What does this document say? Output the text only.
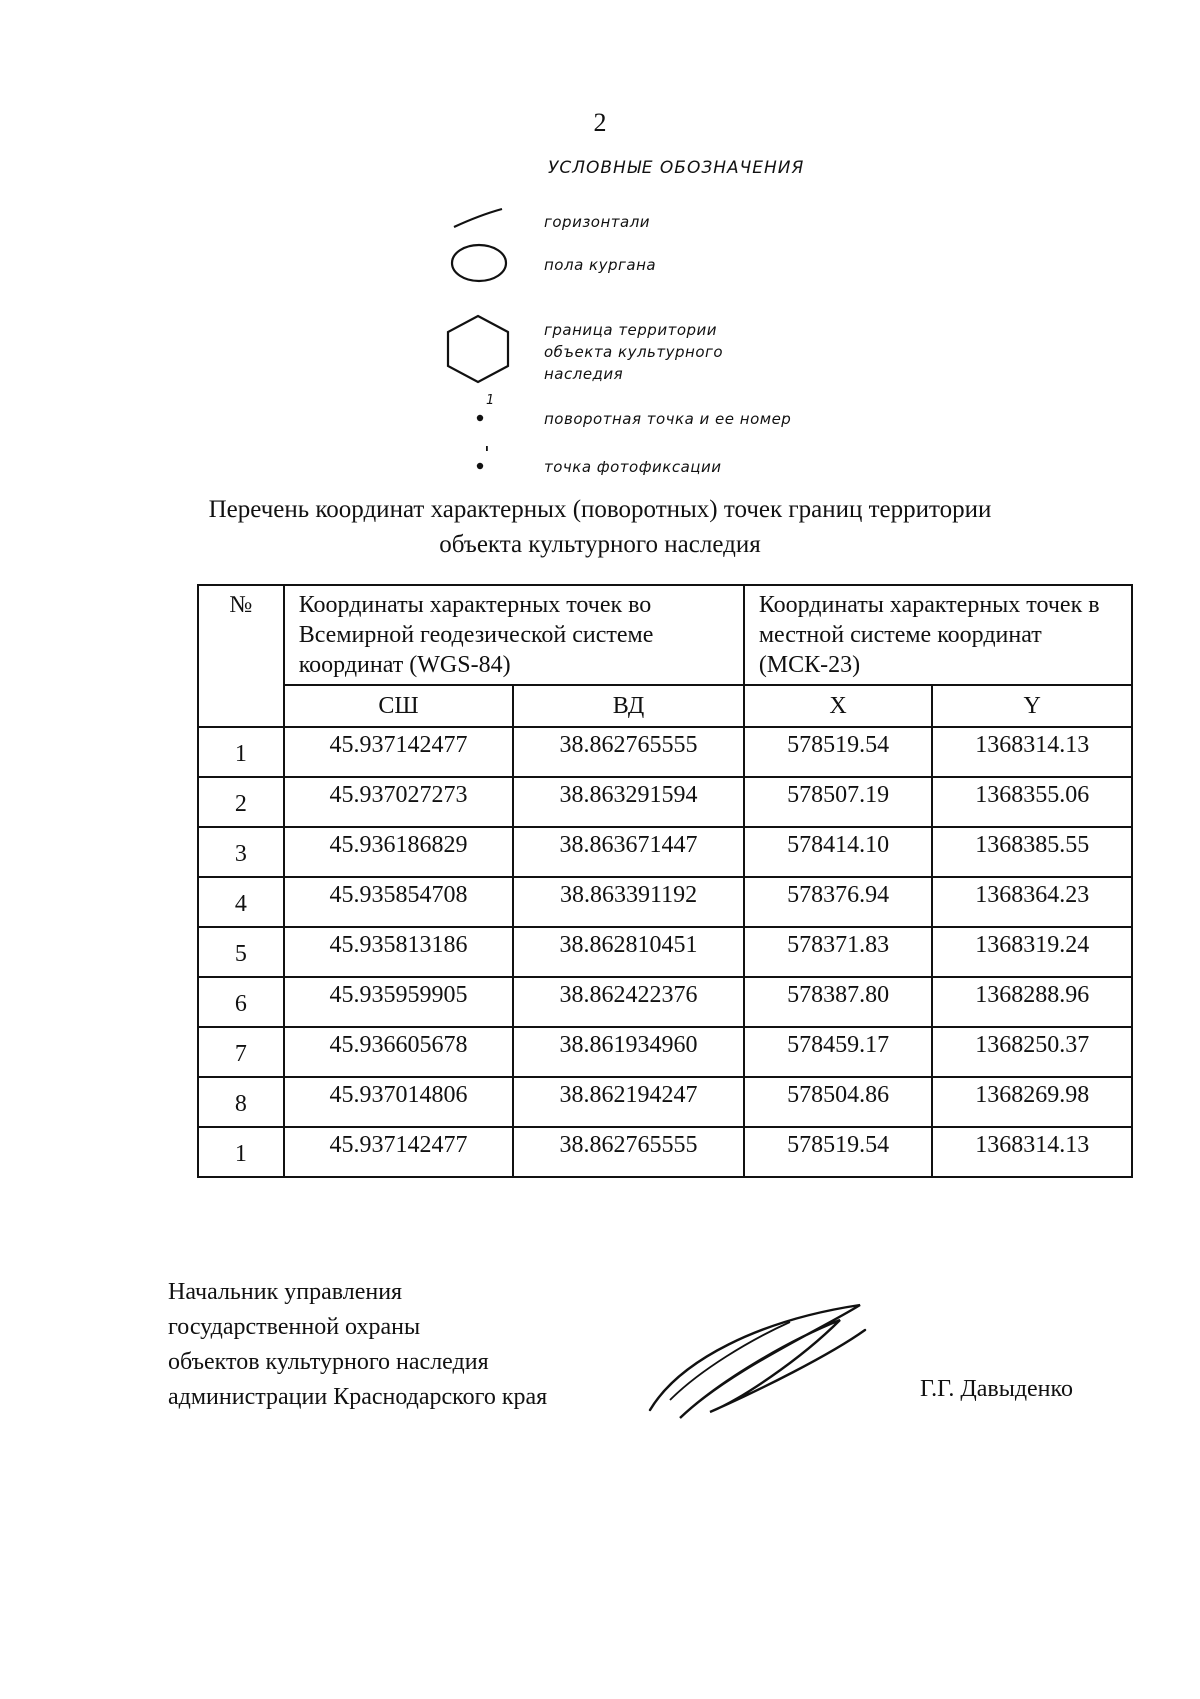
2
УСЛОВНЫЕ ОБОЗНАЧЕНИЯ
горизонтали
пола кургана
граница территории
объекта культурного
наследия
1
поворотная точка и ее номер
точка фотофиксации
Перечень координат характерных (поворотных) точек границ территории
объекта культурного наследия
№	Координаты характерных точек во Всемирной геодезической системе координат (WGS-84)		Координаты характерных точек в местной системе координат (МСК-23)	
	СШ	ВД	X	Y
1	45.937142477	38.862765555	578519.54	1368314.13
2	45.937027273	38.863291594	578507.19	1368355.06
3	45.936186829	38.863671447	578414.10	1368385.55
4	45.935854708	38.863391192	578376.94	1368364.23
5	45.935813186	38.862810451	578371.83	1368319.24
6	45.935959905	38.862422376	578387.80	1368288.96
7	45.936605678	38.861934960	578459.17	1368250.37
8	45.937014806	38.862194247	578504.86	1368269.98
1	45.937142477	38.862765555	578519.54	1368314.13
Начальник управления
государственной охраны
объектов культурного наследия
администрации Краснодарского края	Г.Г. Давыденко
